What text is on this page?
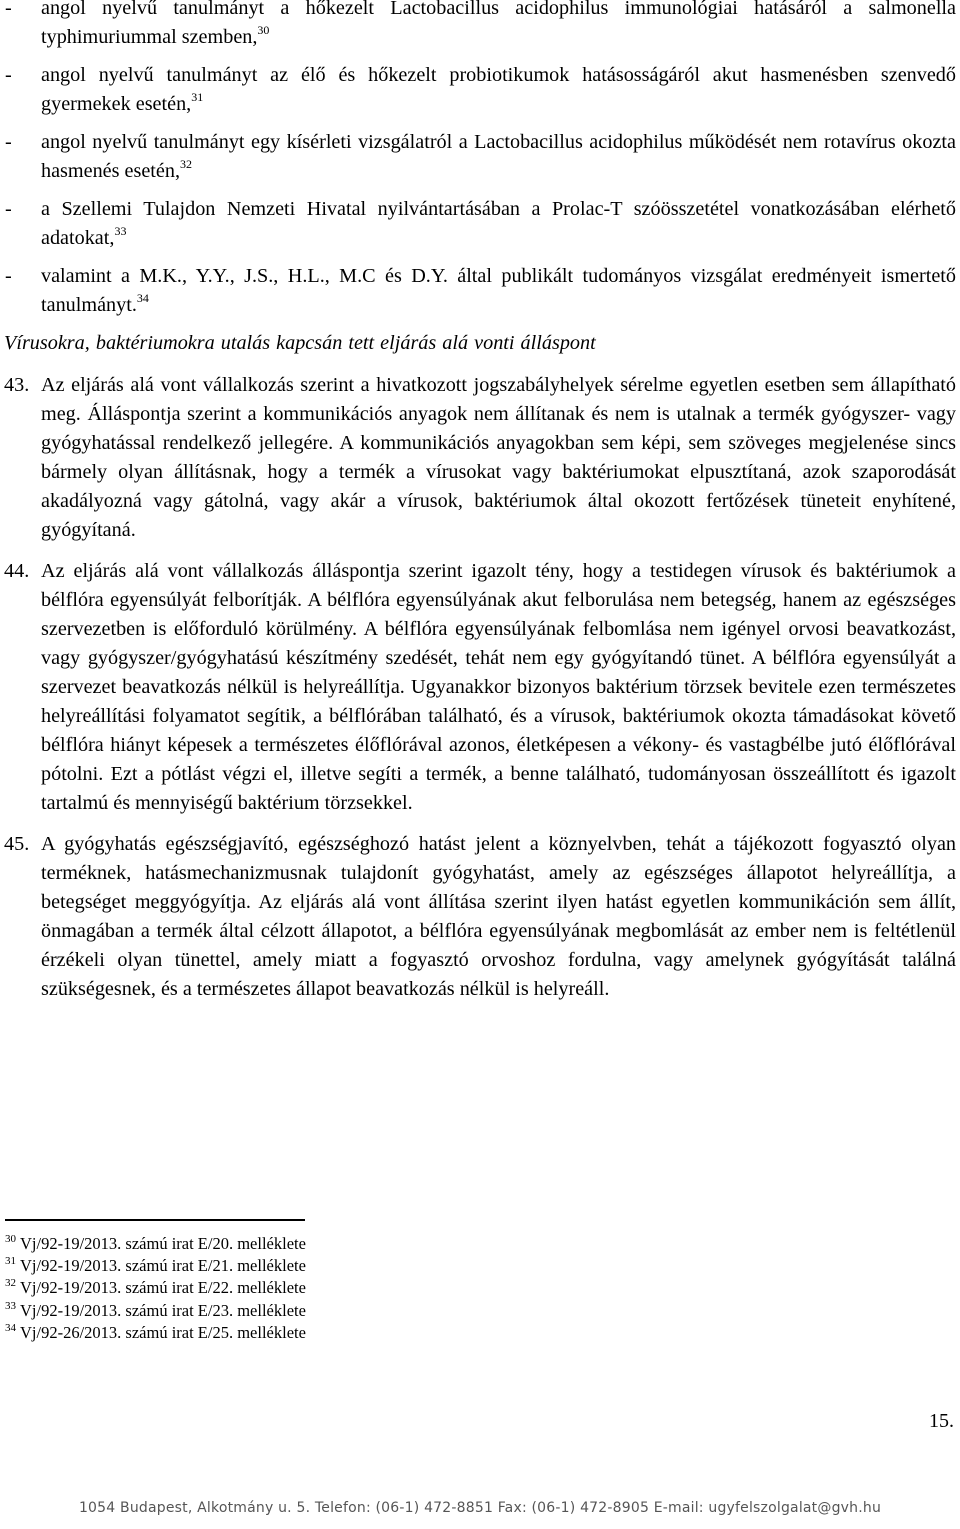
- angol nyelvű tanulmányt a hőkezelt Lactobacillus acidophilus immunológiai hatásáról a salmonella typhimuriummal szemben,$^{30}$
- angol nyelvű tanulmányt az élő és hőkezelt probiotikumok hatásosságáról akut hasmenésben szenvedő gyermekek esetén,$^{31}$
- angol nyelvű tanulmányt egy kísérleti vizsgálatról a Lactobacillus acidophilus működését nem rotavírus okozta hasmenés esetén,$^{32}$
- a Szellemi Tulajdon Nemzeti Hivatal nyilvántartásában a Prolac-T szóösszetétel vonatkozásában elérhető adatokat,$^{33}$
- valamint a M.K., Y.Y., J.S., H.L., M.C és D.Y. által publikált tudományos vizsgálat eredményeit ismertető tanulmányt.$^{34}$
Vírusokra, baktériumokra utalás kapcsán tett eljárás alá vonti álláspont
43. Az eljárás alá vont vállalkozás szerint a hivatkozott jogszabályhelyek sérelme egyetlen esetben sem állapítható meg. Álláspontja szerint a kommunikációs anyagok nem állítanak és nem is utalnak a termék gyógyszer- vagy gyógyhatással rendelkező jellegére. A kommunikációs anyagokban sem képi, sem szöveges megjelenése sincs bármely olyan állításnak, hogy a termék a vírusokat vagy baktériumokat elpusztítaná, azok szaporodását akadályozná vagy gátolná, vagy akár a vírusok, baktériumok által okozott fertőzések tüneteit enyhítené, gyógyítaná.
44. Az eljárás alá vont vállalkozás álláspontja szerint igazolt tény, hogy a testidegen vírusok és baktériumok a bélflóra egyensúlyát felborítják. A bélflóra egyensúlyának akut felborulása nem betegség, hanem az egészséges szervezetben is előforduló körülmény. A bélflóra egyensúlyának felbomlása nem igényel orvosi beavatkozást, vagy gyógyszer/gyógyhatású készítmény szedését, tehát nem egy gyógyítandó tünet. A bélflóra egyensúlyát a szervezet beavatkozás nélkül is helyreállítja. Ugyanakkor bizonyos baktérium törzsek bevitele ezen természetes helyreállítási folyamatot segítik, a bélflórában található, és a vírusok, baktériumok okozta támadásokat követő bélflóra hiányt képesek a természetes élőflórával azonos, életképesen a vékony- és vastagbélbe jutó élőflórával pótolni. Ezt a pótlást végzi el, illetve segíti a termék, a benne található, tudományosan összeállított és igazolt tartalmú és mennyiségű baktérium törzsekkel.
45. A gyógyhatás egészségjavító, egészséghozó hatást jelent a köznyelvben, tehát a tájékozott fogyasztó olyan terméknek, hatásmechanizmusnak tulajdonít gyógyhatást, amely az egészséges állapotot helyreállítja, a betegséget meggyógyítja. Az eljárás alá vont állítása szerint ilyen hatást egyetlen kommunikáción sem állít, önmagában a termék által célzott állapotot, a bélflóra egyensúlyának megbomlását az ember nem is feltétlenül érzékeli olyan tünettel, amely miatt a fogyasztó orvoshoz fordulna, vagy amelynek gyógyítását találná szükségesnek, és a természetes állapot beavatkozás nélkül is helyreáll.
$^{30}$ Vj/92-19/2013. számú irat E/20. melléklete
$^{31}$ Vj/92-19/2013. számú irat E/21. melléklete
$^{32}$ Vj/92-19/2013. számú irat E/22. melléklete
$^{33}$ Vj/92-19/2013. számú irat E/23. melléklete
$^{34}$ Vj/92-26/2013. számú irat E/25. melléklete
15.
1054 Budapest, Alkotmány u. 5. Telefon: (06-1) 472-8851 Fax: (06-1) 472-8905 E-mail: ugyfelszolgalat@gvh.hu
